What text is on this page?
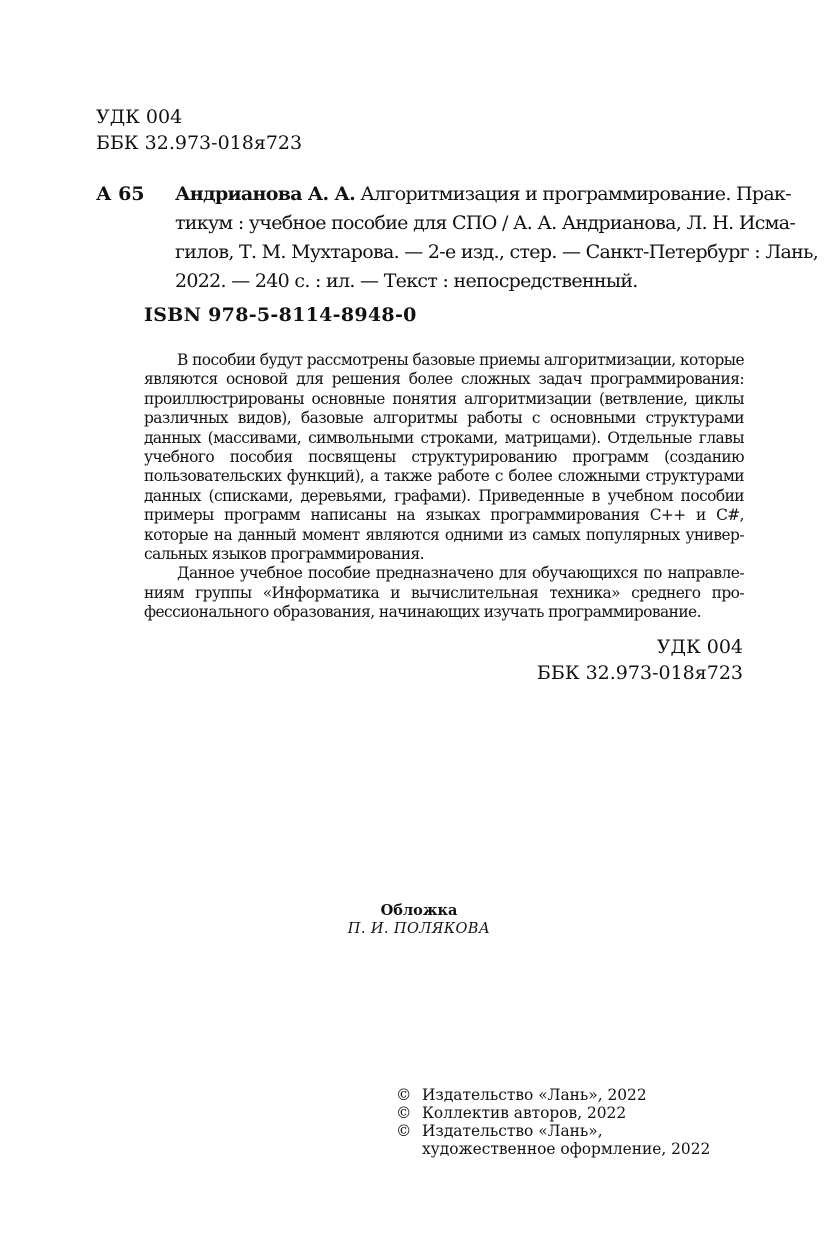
УДК 004
ББК 32.973-018я723
А 65 Андрианова А. А. Алгоритмизация и программирование. Прак-
тикум : учебное пособие для СПО / А. А. Андрианова, Л. Н. Исма-
гилов, Т. М. Мухтарова. — 2-е изд., стер. — Санкт-Петербург : Лань,
2022. — 240 с. : ил. — Текст : непосредственный.
ISBN 978-5-8114-8948-0
В пособии будут рассмотрены базовые приемы алгоритмизации, которые
являются основой для решения более сложных задач программирования:
проиллюстрированы основные понятия алгоритмизации (ветвление, циклы
различных видов), базовые алгоритмы работы с основными структурами
данных (массивами, символьными строками, матрицами). Отдельные главы
учебного пособия посвящены структурированию программ (созданию
пользовательских функций), а также работе с более сложными структурами
данных (списками, деревьями, графами). Приведенные в учебном пособии
примеры программ написаны на языках программирования C++ и C#,
которые на данный момент являются одними из самых популярных универ-
сальных языков программирования.
Данное учебное пособие предназначено для обучающихся по направле-
ниям группы «Информатика и вычислительная техника» среднего про-
фессионального образования, начинающих изучать программирование.
УДК 004
ББК 32.973-018я723
Обложка
П. И. ПОЛЯКОВА
© Издательство «Лань», 2022
© Коллектив авторов, 2022
© Издательство «Лань»,
художественное оформление, 2022
